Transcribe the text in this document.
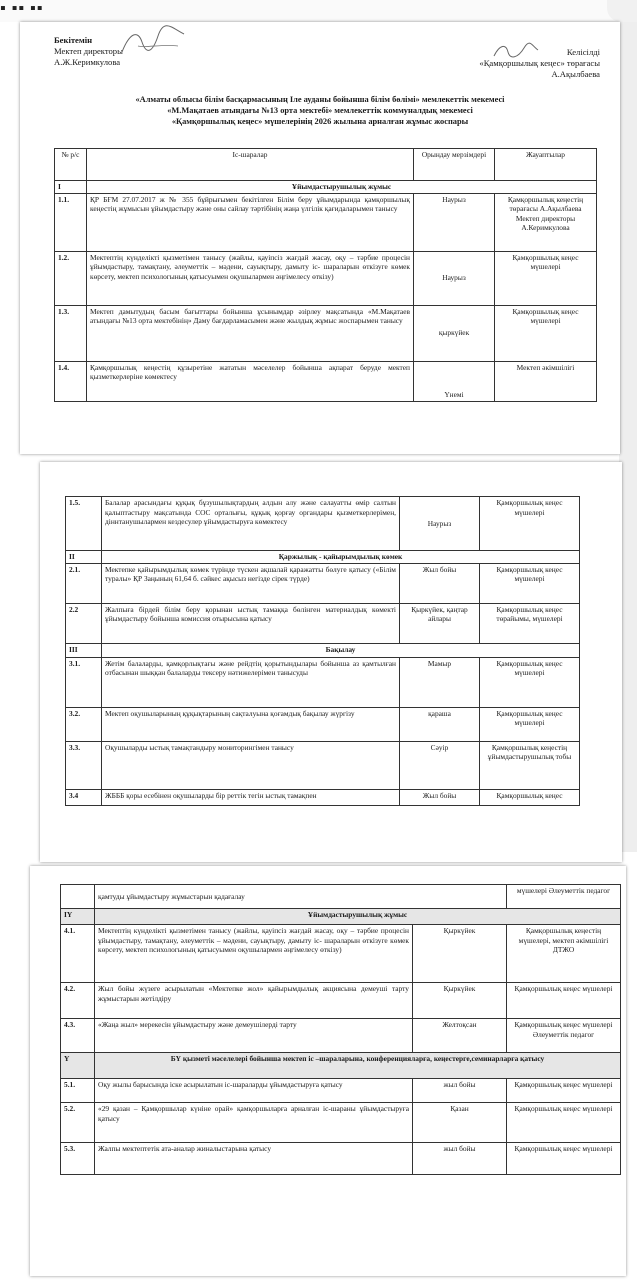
▪ ▪▪ ▪▪
Бекітемін
Мектеп директоры
А.Ж.Керимкулова
Келісілді
«Қамқоршылық кеңес» төрағасы
А.Ақылбаева
«Алматы облысы білім басқармасының Іле ауданы бойынша білім бөлімі» мемлекеттік мекемесі
«М.Мақатаев атындағы №13 орта мектебі» мемлекеттік коммуналдық мекемесі
«Қамқоршылық кеңес» мүшелерінің 2026 жылына арналған жұмыс жоспары
№ р/с	Іс-шаралар	Орындау мерзімдері	Жауаптылар
І	Ұйымдастырушылық жұмыс		
1.1.	ҚР БҒМ 27.07.2017 ж № 355 бұйрығымен бекітілген Білім беру ұйымдарында қамқоршылық кеңестің жұмысын ұйымдастыру және оны сайлау тәртібінің жаңа үлгілік қағидаларымен танысу	Наурыз	Қамқоршылық кеңестің төрағасы А.Ақылбаева Мектеп директоры А.Керимкулова
1.2.	Мектептің күнделікті қызметімен танысу (жайлы, қауіпсіз жағдай жасау, оқу – тәрбие процесін ұйымдастыру, тамақтану, әлеуметтік – мәдени, сауықтыру, дамыту іс- шараларын өткізуге көмек көрсету, мектеп психологының қатысуымен оқушылармен әңгімелесу өткізу)	Наурыз	Қамқоршылық кеңес мүшелері
1.3.	Мектеп дамытудың басым бағыттары бойынша ұсынымдар әзірлеу мақсатында «М.Мақатаев атындағы №13 орта мектебінің» Даму бағдарламасымен және жылдық жұмыс жоспарымен танысу	қыркүйек	Қамқоршылық кеңес мүшелері
1.4.	Қамқоршылық кеңестің құзыретіне жататын мәселелер бойынша ақпарат беруде мектеп қызметкерлеріне көмектесу	Үнемі	Мектеп әкімшілігі
1.5.	Балалар арасындағы құқық бұзушылықтардың алдын алу және салауатты өмір салтын қалыптастыру мақсатында СОС орталығы, құқық қорғау органдары қызметкерлерімен, діннтанушылармен кездесулер ұйымдастыруға көмектесу	Наурыз	Қамқоршылық кеңес мүшелері
ІІ	Қаржылық - қайырымдылық көмек		
2.1.	Мектепке қайырымдылық көмек түрінде түскен ақшалай қаражатты бөлуге қатысу («Білім туралы» ҚР Заңының 61,64 б. сәйкес ақысыз негізде сірек түрде)	Жыл бойы	Қамқоршылық кеңес мүшелері
2.2	Жалпыға бірдей білім беру қорынан ыстық тамаққа бөлінген материалдық көмекті ұйымдастыру бойынша комиссия отырысына қатысу	Қыркүйек, қаңтар айлары	Қамқоршылық кеңес төрайымы, мүшелері
ІІІ	Бақылау		
3.1.	Жетім балаларды, қамқорлықтағы және рейдтің қорытындылары бойынша аз қамтылған отбасынан шыққан балаларды тексеру нәтижелерімен танысуды	Мамыр	Қамқоршылық кеңес мүшелері
3.2.	Мектеп оқушыларының құқықтарының сақталуына қоғамдық бақылау жүргізу	қараша	Қамқоршылық кеңес мүшелері
3.3.	Оқушыларды ыстық тамақтандыру мониторингімен танысу	Сәуір	Қамқоршылық кеңестің ұйымдастырушылық тобы
3.4	ЖБББ қоры есебінен оқушыларды бір реттік тегін ыстық тамақпен	Жыл бойы	Қамқоршылық кеңес
	қамтуды ұйымдастыру жұмыстарын қадағалау		мүшелері Әлеуметтік педагог
ІҮ	Ұйымдастырушылық жұмыс		
4.1.	Мектептің күнделікті қызметімен танысу (жайлы, қауіпсіз жағдай жасау, оқу – тәрбие процесін ұйымдастыру, тамақтану, әлеуметтік – мәдени, сауықтыру, дамыту іс- шараларын өткізуге көмек көрсету, мектеп психологының қатысуымен оқушылармен әңгімелесу өткізу)	Қыркүйек	Қамқоршылық кеңестің мүшелері, мектеп әкімшілігі ДТЖО
4.2.	Жыл бойы жүзеге асырылатын «Мектепке жол» қайырымдылық акциясына демеуші тарту жұмыстарын жетілдіру	Қыркүйек	Қамқоршылық кеңес мүшелері
4.3.	«Жаңа жыл» мерекесін ұйымдастыру және демеушілерді тарту	Желтоқсан	Қамқоршылық кеңес мүшелері Әлеуметтік педагог
Ү	БҮ қызметі мәселелері бойынша мектеп іс –шараларына, конференцияларға, кеңестерге,семинарларға қатысу		
5.1.	Оқу жылы барысында іске асырылатын іс-шараларды ұйымдастыруға қатысу	жыл бойы	Қамқоршылық кеңес мүшелері
5.2.	«29 қазан – Қамқоршылар күніне орай» қамқоршыларға арналған іс-шараны ұйымдастыруға қатысу	Қазан	Қамқоршылық кеңес мүшелері
5.3.	Жалпы мектептетік ата-аналар жиналыстарына қатысу	жыл бойы	Қамқоршылық кеңес мүшелері
